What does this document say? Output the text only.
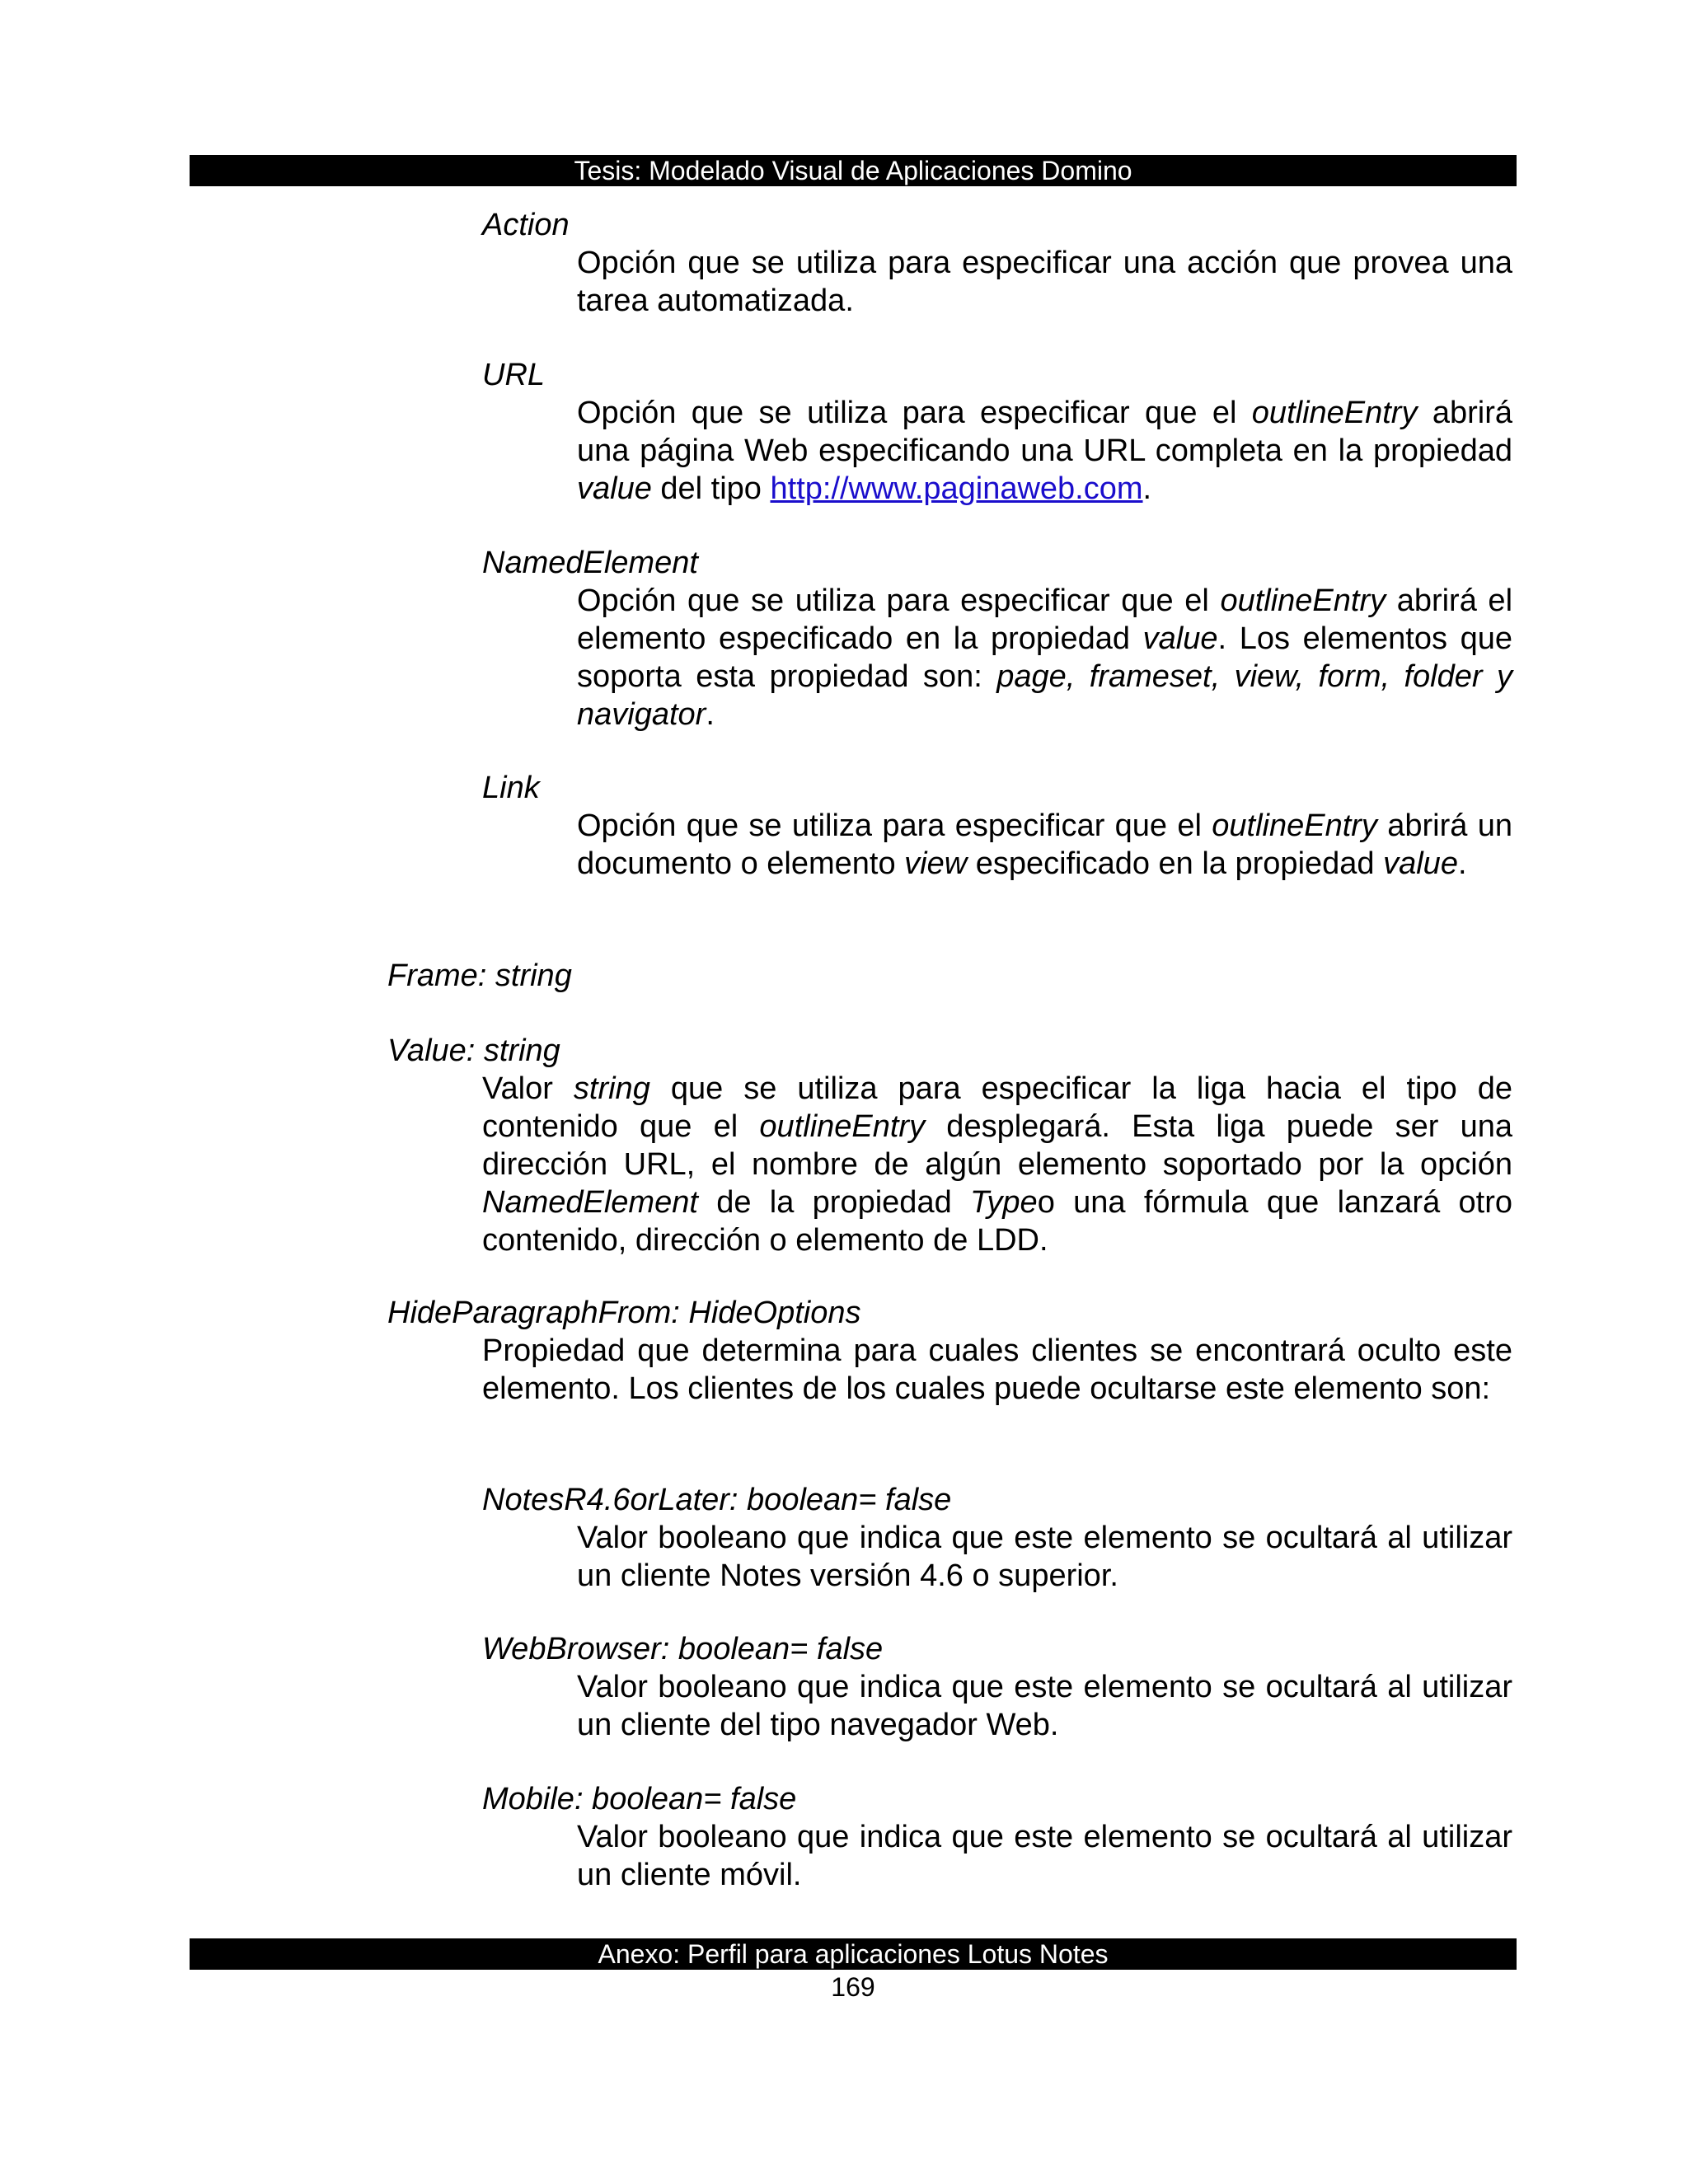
Tesis: Modelado Visual de Aplicaciones Domino
Action
Opción que se utiliza para especificar una acción que provea una tarea automatizada.
URL
Opción que se utiliza para especificar que el outlineEntry abrirá una página Web especificando una URL completa en la propiedad value del tipo http://www.paginaweb.com.
NamedElement
Opción que se utiliza para especificar que el outlineEntry abrirá el elemento especificado en la propiedad value. Los elementos que soporta esta propiedad son: page, frameset, view, form, folder y navigator.
Link
Opción que se utiliza para especificar que el outlineEntry abrirá un documento o elemento view especificado en la propiedad value.
Frame: string
Value: string
Valor string que se utiliza para especificar la liga hacia el tipo de contenido que el outlineEntry desplegará. Esta liga puede ser una dirección URL, el nombre de algún elemento soportado por la opción NamedElement de la propiedad Typeo una fórmula que lanzará otro contenido, dirección o elemento de LDD.
HideParagraphFrom: HideOptions
Propiedad que determina para cuales clientes se encontrará oculto este elemento. Los clientes de los cuales puede ocultarse este elemento son:
NotesR4.6orLater: boolean= false
Valor booleano que indica que este elemento se ocultará al utilizar un cliente Notes versión 4.6 o superior.
WebBrowser: boolean= false
Valor booleano que indica que este elemento se ocultará al utilizar un cliente del tipo navegador Web.
Mobile: boolean= false
Valor booleano que indica que este elemento se ocultará al utilizar un cliente móvil.
Anexo: Perfil para aplicaciones Lotus Notes
169
